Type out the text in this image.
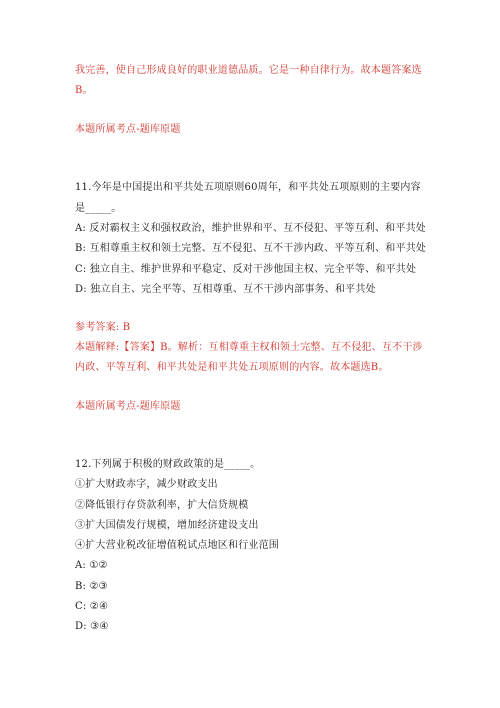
我完善，使自己形成良好的职业道德品质。它是一种自律行为。故本题答案选
B。
本题所属考点-题库原题
11.今年是中国提出和平共处五项原则60周年，和平共处五项原则的主要内容
是_____。
A: 反对霸权主义和强权政治，维护世界和平、互不侵犯、平等互利、和平共处
B: 互相尊重主权和领土完整、互不侵犯、互不干涉内政、平等互利、和平共处
C: 独立自主、维护世界和平稳定、反对干涉他国主权、完全平等、和平共处
D: 独立自主、完全平等、互相尊重、互不干涉内部事务、和平共处
参考答案: B
本题解释:【答案】B。解析：互相尊重主权和领土完整、互不侵犯、互不干涉
内政、平等互利、和平共处是和平共处五项原则的内容。故本题选B。
本题所属考点-题库原题
12.下列属于积极的财政政策的是_____。
①扩大财政赤字，减少财政支出
②降低银行存贷款利率，扩大信贷规模
③扩大国债发行规模，增加经济建设支出
④扩大营业税改征增值税试点地区和行业范围
A: ①②
B: ②③
C: ②④
D: ③④
